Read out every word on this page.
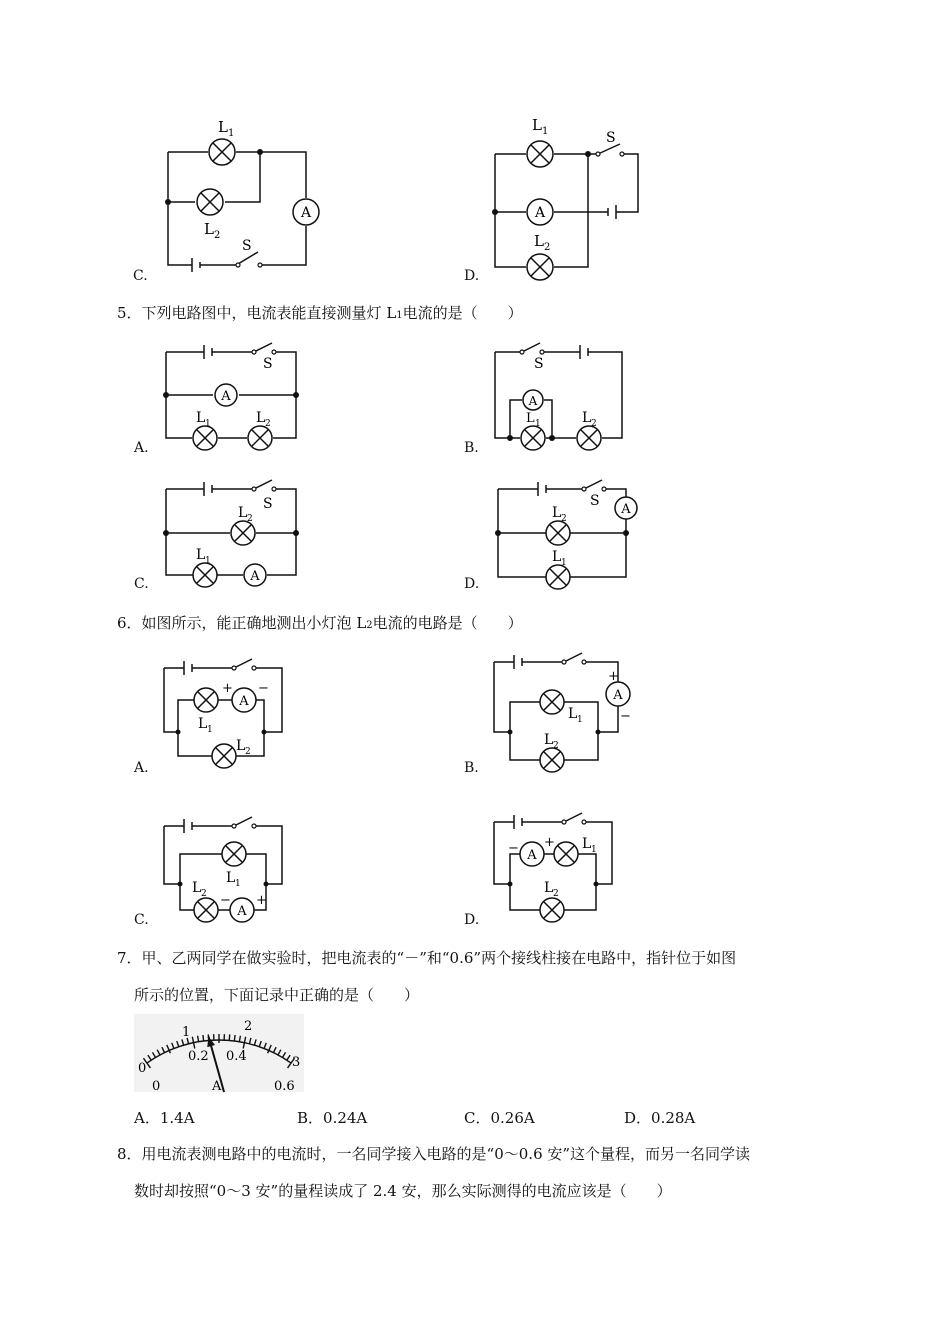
A
L 1
L 2
S
C.
A
L 1	S
L 2
D.
5．下列电路图中，电流表能直接测量灯 L1电流的是（　　）
A
S
L 1	L 2
A.
A
S
L 1	L 2
B.
A
S
L 2
L 1
C.
A
S
L 2
L 1
D.
6．如图所示，能正确地测出小灯泡 L2电流的电路是（　　）
A
+ −
L 1
L 2
A.
A
+
−
L 1
L 2
B.
A
L 1
L 2 − +
C.
A
− + L 1
L 2
D.
7．甲、乙两同学在做实验时，把电流表的“－”和“0.6”两个接线柱接在电路中，指针位于如图
所示的位置，下面记录中正确的是（　　）
0
1	2
3
0
0.2 0.4
0.6
A
A．1.4A	B．0.24A	C．0.26A	D．0.28A
8．用电流表测电路中的电流时，一名同学接入电路的是“0～0.6 安”这个量程，而另一名同学读
数时却按照“0～3 安”的量程读成了 2.4 安，那么实际测得的电流应该是（　　）
